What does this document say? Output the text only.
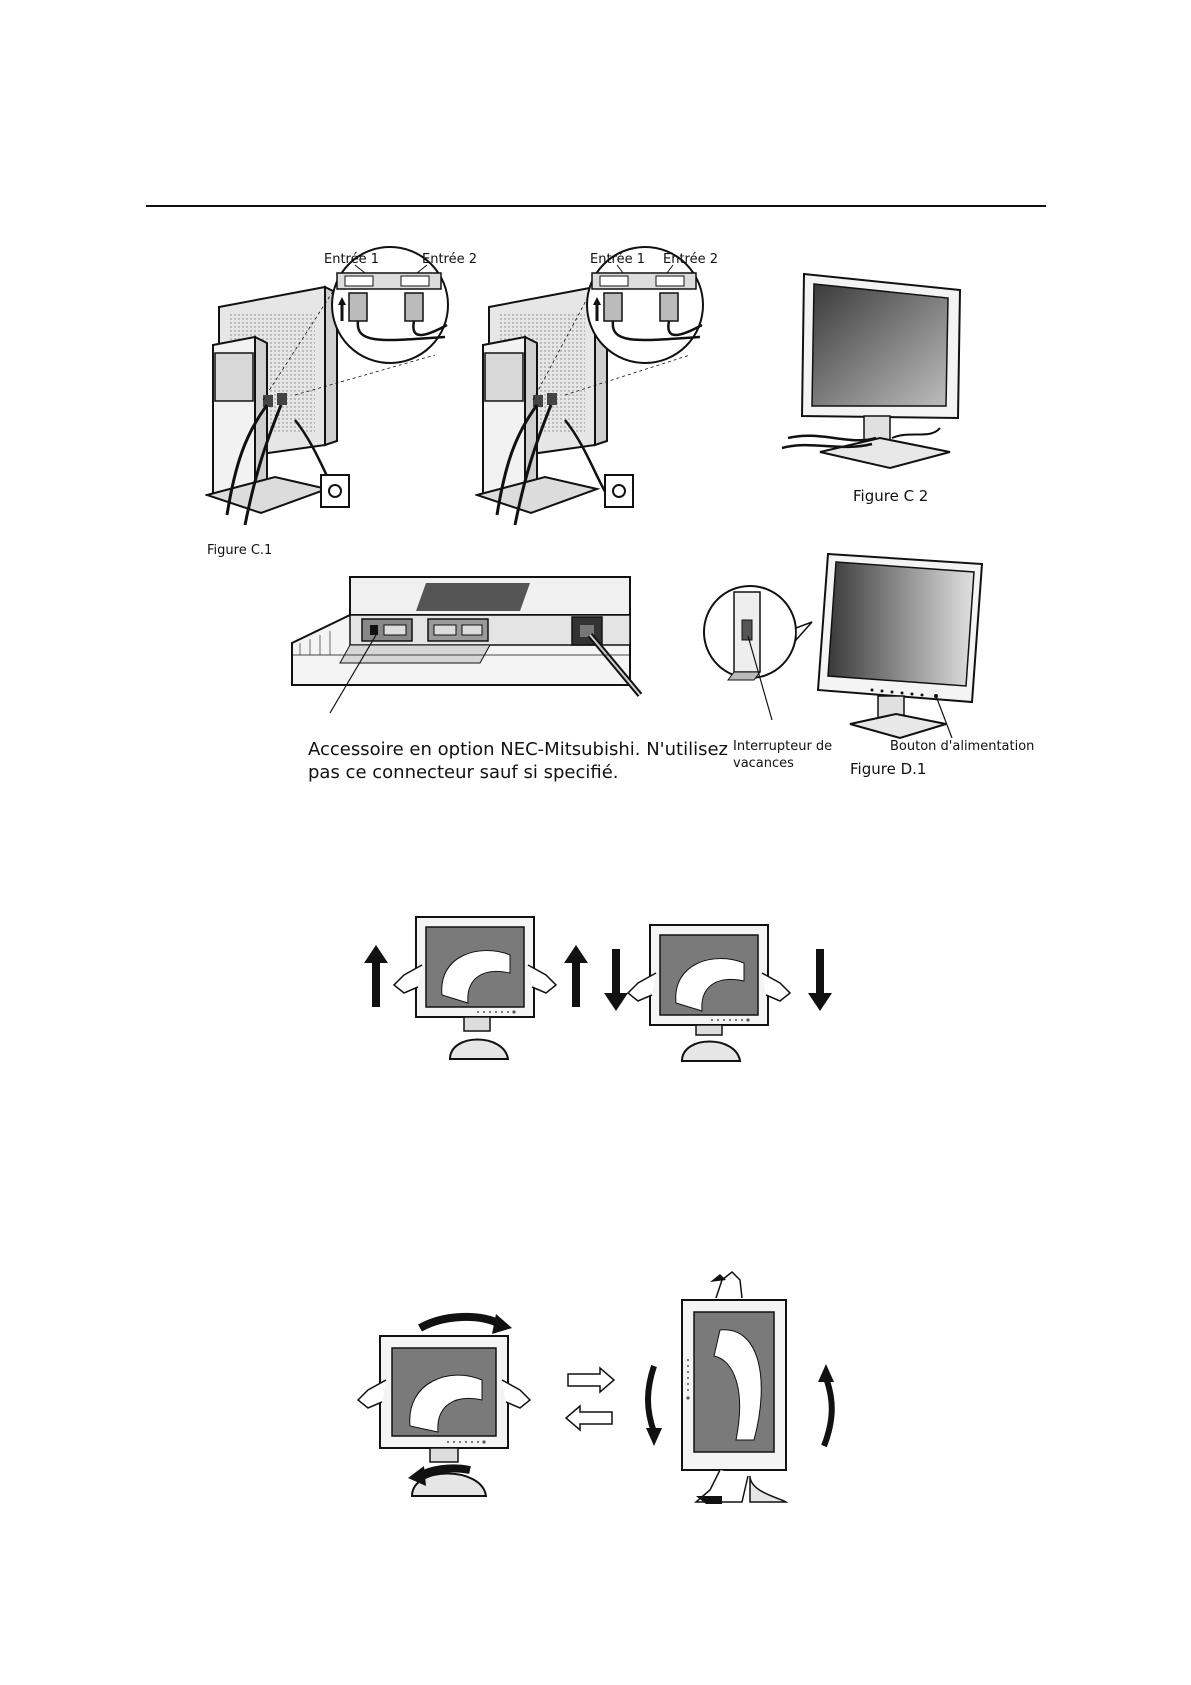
Entrée 1	Entrée 2
Figure C.1
Entrée 1 Entrée 2
Figure C 2
Accessoire en option NEC-Mitsubishi. N'utilisez
pas ce connecteur sauf si specifié.
Interrupteur de
vacances
Bouton d'alimentation
Figure D.1
